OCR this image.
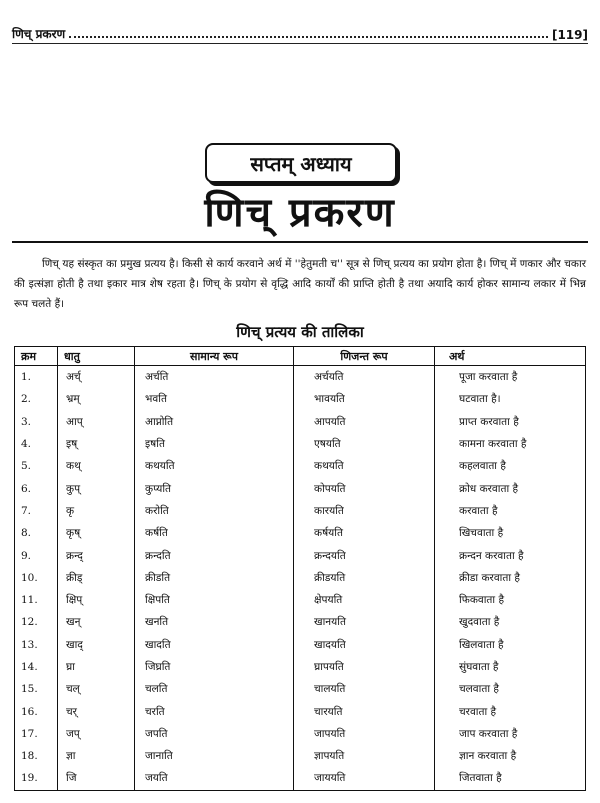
णिच् प्रकरण	[119]
सप्तम् अध्याय
णिच् प्रकरण
णिच् यह संस्कृत का प्रमुख प्रत्यय है। किसी से कार्य करवाने अर्थ में ''हेतुमती च'' सूत्र से णिच् प्रत्यय का प्रयोग होता है। णिच् में णकार और चकार की इत्संज्ञा होती है तथा इकार मात्र शेष रहता है। णिच् के प्रयोग से वृद्धि आदि कार्यों की प्राप्ति होती है तथा अयादि कार्य होकर सामान्य लकार में भिन्न रूप चलते हैं।
णिच् प्रत्यय की तालिका
क्रम	धातु	सामान्य रूप	णिजन्त रूप	अर्थ
1.	अर्च्	अर्चति	अर्चयति	पूजा करवाता है
2.	भ्रम्	भवति	भावयति	घटवाता है।
3.	आप्	आप्नोति	आपयति	प्राप्त करवाता है
4.	इष्	इषति	एषयति	कामना करवाता है
5.	कथ्	कथयति	कथयति	कहलवाता है
6.	कुप्	कुप्यति	कोपयति	क्रोध करवाता है
7.	कृ	करोति	कारयति	करवाता है
8.	कृष्	कर्षति	कर्षयति	खिचवाता है
9.	क्रन्द्	क्रन्दति	क्रन्दयति	क्रन्दन करवाता है
10.	क्रीड्	क्रीडति	क्रीडयति	क्रीडा करवाता है
11.	क्षिप्	क्षिपति	क्षेपयति	फिकवाता है
12.	खन्	खनति	खानयति	खुदवाता है
13.	खाद्	खादति	खादयति	खिलवाता है
14.	घ्रा	जिघ्रति	घ्रापयति	सुंघवाता है
15.	चल्	चलति	चालयति	चलवाता है
16.	चर्	चरति	चारयति	चरवाता है
17.	जप्	जपति	जापयति	जाप करवाता है
18.	ज्ञा	जानाति	ज्ञापयति	ज्ञान करवाता है
19.	जि	जयति	जाययति	जितवाता है
